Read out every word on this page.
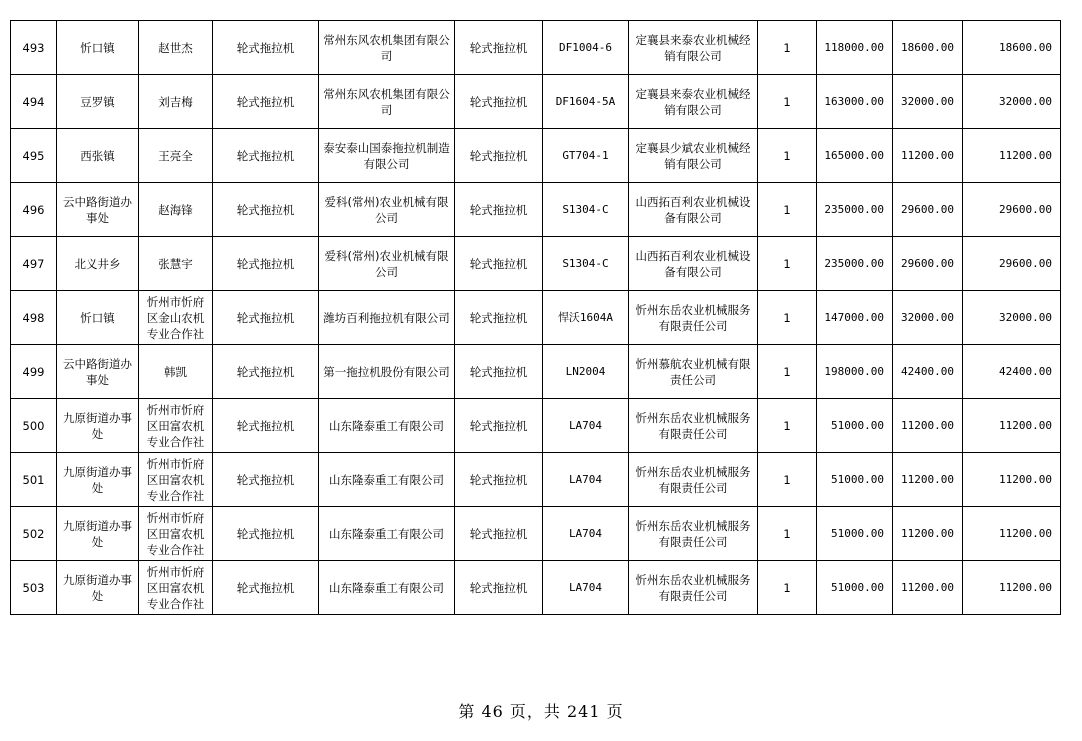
493	忻口镇	赵世杰	轮式拖拉机	常州东风农机集团有限公司	轮式拖拉机	DF1004-6	定襄县来泰农业机械经销有限公司	1	118000.00	18600.00	18600.00
494	豆罗镇	刘吉梅	轮式拖拉机	常州东风农机集团有限公司	轮式拖拉机	DF1604-5A	定襄县来泰农业机械经销有限公司	1	163000.00	32000.00	32000.00
495	西张镇	王亮全	轮式拖拉机	泰安泰山国泰拖拉机制造有限公司	轮式拖拉机	GT704-1	定襄县少斌农业机械经销有限公司	1	165000.00	11200.00	11200.00
496	云中路街道办事处	赵海锋	轮式拖拉机	爱科(常州)农业机械有限公司	轮式拖拉机	S1304-C	山西拓百利农业机械设备有限公司	1	235000.00	29600.00	29600.00
497	北义井乡	张慧宇	轮式拖拉机	爱科(常州)农业机械有限公司	轮式拖拉机	S1304-C	山西拓百利农业机械设备有限公司	1	235000.00	29600.00	29600.00
498	忻口镇	忻州市忻府区金山农机专业合作社	轮式拖拉机	潍坊百利拖拉机有限公司	轮式拖拉机	悍沃1604A	忻州东岳农业机械服务有限责任公司	1	147000.00	32000.00	32000.00
499	云中路街道办事处	韩凯	轮式拖拉机	第一拖拉机股份有限公司	轮式拖拉机	LN2004	忻州慕航农业机械有限责任公司	1	198000.00	42400.00	42400.00
500	九原街道办事处	忻州市忻府区田富农机专业合作社	轮式拖拉机	山东隆泰重工有限公司	轮式拖拉机	LA704	忻州东岳农业机械服务有限责任公司	1	51000.00	11200.00	11200.00
501	九原街道办事处	忻州市忻府区田富农机专业合作社	轮式拖拉机	山东隆泰重工有限公司	轮式拖拉机	LA704	忻州东岳农业机械服务有限责任公司	1	51000.00	11200.00	11200.00
502	九原街道办事处	忻州市忻府区田富农机专业合作社	轮式拖拉机	山东隆泰重工有限公司	轮式拖拉机	LA704	忻州东岳农业机械服务有限责任公司	1	51000.00	11200.00	11200.00
503	九原街道办事处	忻州市忻府区田富农机专业合作社	轮式拖拉机	山东隆泰重工有限公司	轮式拖拉机	LA704	忻州东岳农业机械服务有限责任公司	1	51000.00	11200.00	11200.00
第 46 页，共 241 页
